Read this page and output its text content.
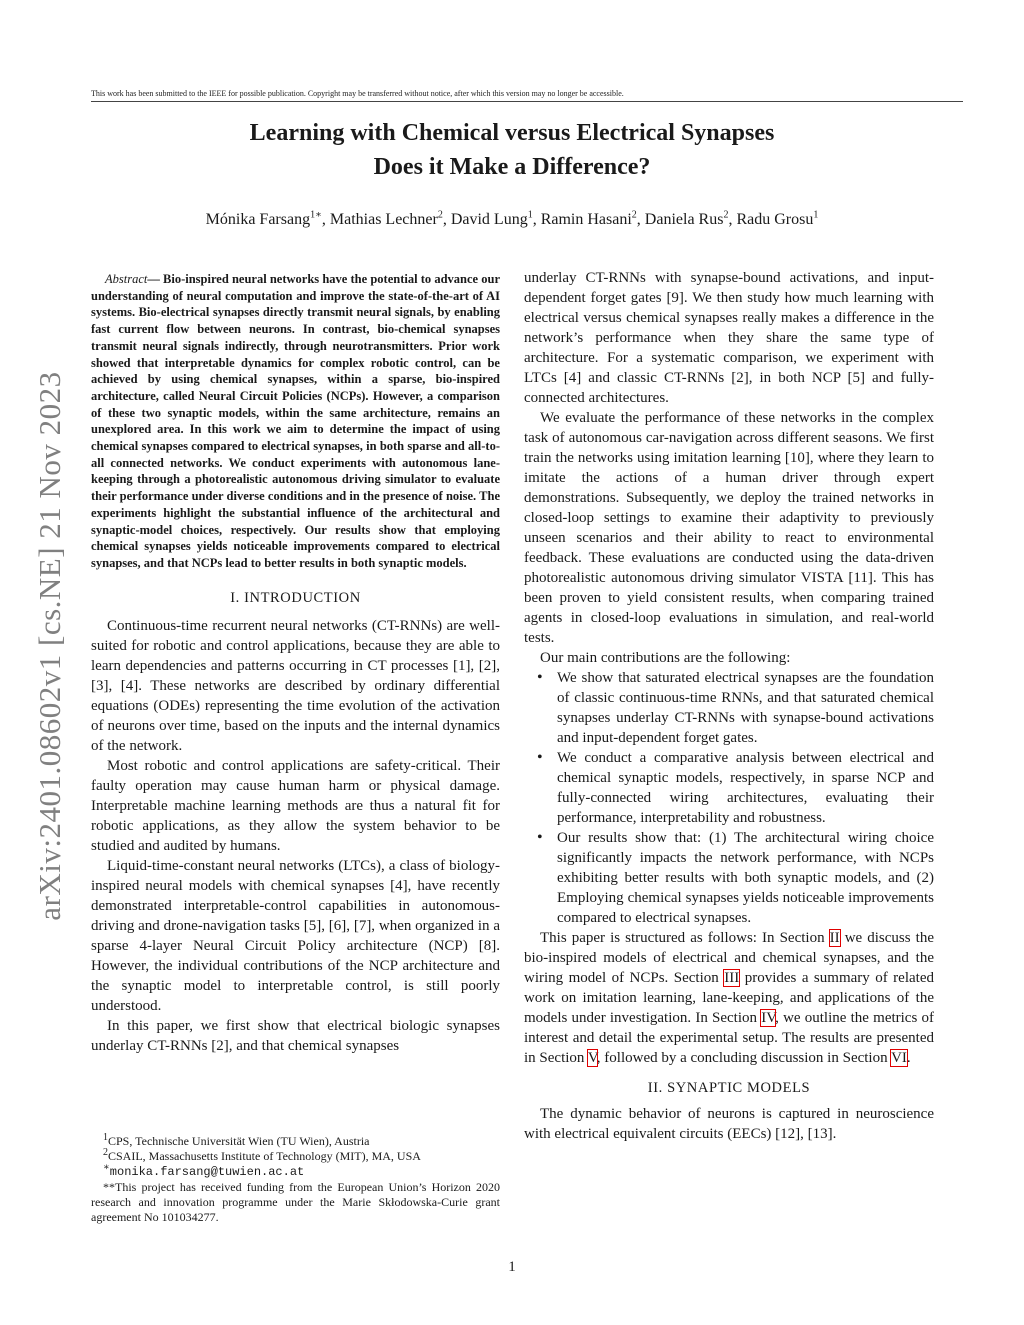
This work has been submitted to the IEEE for possible publication. Copyright may be transferred without notice, after which this version may no longer be accessible.
Learning with Chemical versus Electrical Synapses
Does it Make a Difference?
Mónika Farsang$^{1∗}$, Mathias Lechner$^2$, David Lung$^1$, Ramin Hasani$^2$, Daniela Rus$^2$, Radu Grosu$^1$
arXiv:2401.08602v1 [cs.NE] 21 Nov 2023

Abstract— Bio-inspired neural networks have the potential to advance our understanding of neural computation and improve the state-of-the-art of AI systems. Bio-electrical synapses directly transmit neural signals, by enabling fast current flow between neurons. In contrast, bio-chemical synapses transmit neural signals indirectly, through neurotransmitters. Prior work showed that interpretable dynamics for complex robotic control, can be achieved by using chemical synapses, within a sparse, bio-inspired architecture, called Neural Circuit Policies (NCPs). However, a comparison of these two synaptic models, within the same architecture, remains an unexplored area. In this work we aim to determine the impact of using chemical synapses compared to electrical synapses, in both sparse and all-to-all connected networks. We conduct experiments with autonomous lane-keeping through a photorealistic autonomous driving simulator to evaluate their performance under diverse conditions and in the presence of noise. The experiments highlight the substantial influence of the architectural and synaptic-model choices, respectively. Our results show that employing chemical synapses yields noticeable improvements compared to electrical synapses, and that NCPs lead to better results in both synaptic models.

I. INTRODUCTION

Continuous-time recurrent neural networks (CT-RNNs) are well-suited for robotic and control applications, because they are able to learn dependencies and patterns occurring in CT processes [1], [2], [3], [4]. These networks are described by ordinary differential equations (ODEs) representing the time evolution of the activation of neurons over time, based on the inputs and the internal dynamics of the network.

Most robotic and control applications are safety-critical. Their faulty operation may cause human harm or physical damage. Interpretable machine learning methods are thus a natural fit for robotic applications, as they allow the system behavior to be studied and audited by humans.

Liquid-time-constant neural networks (LTCs), a class of biology-inspired neural models with chemical synapses [4], have recently demonstrated interpretable-control capabilities in autonomous-driving and drone-navigation tasks [5], [6], [7], when organized in a sparse 4-layer Neural Circuit Policy architecture (NCP) [8]. However, the individual contributions of the NCP architecture and the synaptic model to interpretable control, is still poorly understood.

In this paper, we first show that electrical biologic synapses underlay CT-RNNs [2], and that chemical synapses

$^1$CPS, Technische Universität Wien (TU Wien), Austria
$^2$CSAIL, Massachusetts Institute of Technology (MIT), MA, USA
∗monika.farsang@tuwien.ac.at
**This project has received funding from the European Union’s Horizon 2020 research and innovation programme under the Marie Skłodowska-Curie grant agreement No 101034277.

underlay CT-RNNs with synapse-bound activations, and input-dependent forget gates [9]. We then study how much learning with electrical versus chemical synapses really makes a difference in the network’s performance when they share the same type of architecture. For a systematic comparison, we experiment with LTCs [4] and classic CT-RNNs [2], in both NCP [5] and fully-connected architectures.

We evaluate the performance of these networks in the complex task of autonomous car-navigation across different seasons. We first train the networks using imitation learning [10], where they learn to imitate the actions of a human driver through expert demonstrations. Subsequently, we deploy the trained networks in closed-loop settings to examine their adaptivity to previously unseen scenarios and their ability to react to environmental feedback. These evaluations are conducted using the data-driven photorealistic autonomous driving simulator VISTA [11]. This has been proven to yield consistent results, when comparing trained agents in closed-loop evaluations in simulation, and real-world tests.

Our main contributions are the following:

• We show that saturated electrical synapses are the foundation of classic continuous-time RNNs, and that saturated chemical synapses underlay CT-RNNs with synapse-bound activations and input-dependent forget gates.
• We conduct a comparative analysis between electrical and chemical synaptic models, respectively, in sparse NCP and fully-connected wiring architectures, evaluating their performance, interpretability and robustness.
• Our results show that: (1) The architectural wiring choice significantly impacts the network performance, with NCPs exhibiting better results with both synaptic models, and (2) Employing chemical synapses yields noticeable improvements compared to electrical synapses.

This paper is structured as follows: In Section II we discuss the bio-inspired models of electrical and chemical synapses, and the wiring model of NCPs. Section III provides a summary of related work on imitation learning, lane-keeping, and applications of the models under investigation. In Section IV, we outline the metrics of interest and detail the experimental setup. The results are presented in Section V, followed by a concluding discussion in Section VI.

II. SYNAPTIC MODELS

The dynamic behavior of neurons is captured in neuroscience with electrical equivalent circuits (EECs) [12], [13].

1
